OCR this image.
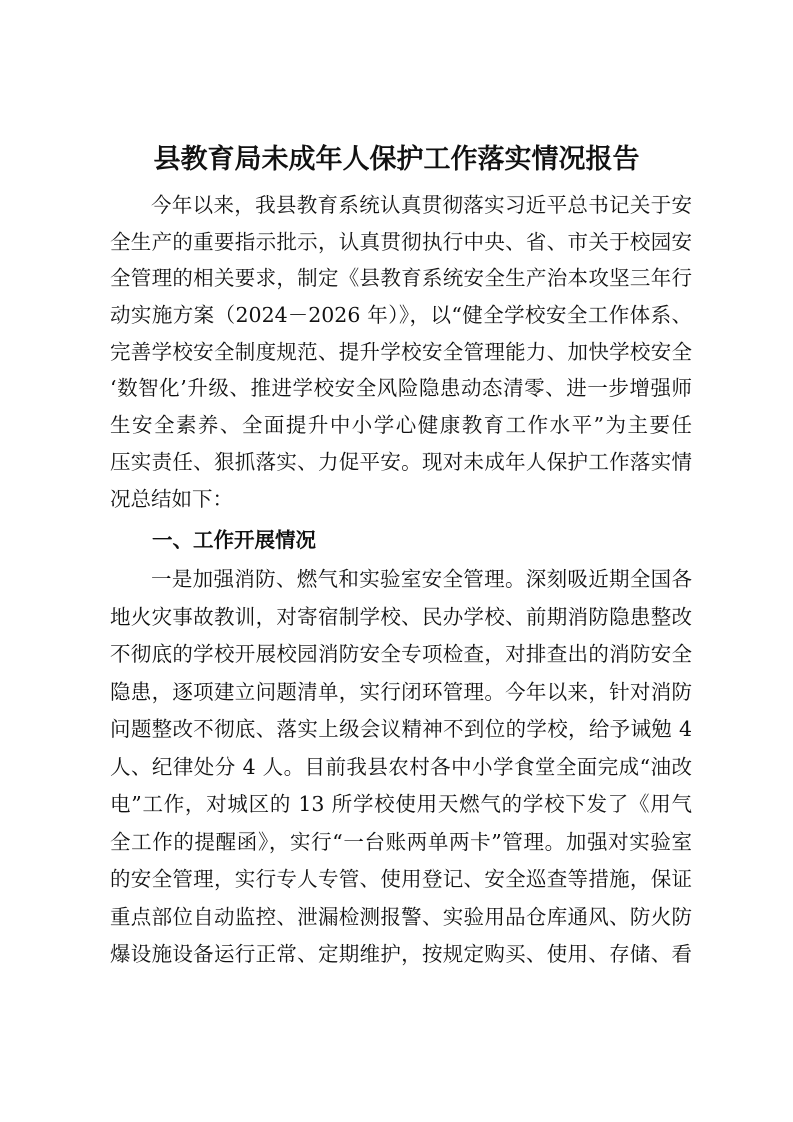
县教育局未成年人保护工作落实情况报告
今年以来，我县教育系统认真贯彻落实习近平总书记关于安
全生产的重要指示批示，认真贯彻执行中央、省、市关于校园安
全管理的相关要求，制定《县教育系统安全生产治本攻坚三年行
动实施方案（2024－2026 年）》，以“健全学校安全工作体系、
完善学校安全制度规范、提升学校安全管理能力、加快学校安全
‘数智化’升级、推进学校安全风险隐患动态清零、进一步增强师
生安全素养、全面提升中小学心健康教育工作水平”为主要任
压实责任、狠抓落实、力促平安。现对未成年人保护工作落实情
况总结如下：
一、工作开展情况
一是加强消防、燃气和实验室安全管理。深刻吸近期全国各
地火灾事故教训，对寄宿制学校、民办学校、前期消防隐患整改
不彻底的学校开展校园消防安全专项检查，对排查出的消防安全
隐患，逐项建立问题清单，实行闭环管理。今年以来，针对消防
问题整改不彻底、落实上级会议精神不到位的学校，给予诫勉 4
人、纪律处分 4 人。目前我县农村各中小学食堂全面完成“油改
电”工作，对城区的 13 所学校使用天燃气的学校下发了《用气
全工作的提醒函》，实行“一台账两单两卡”管理。加强对实验室
的安全管理，实行专人专管、使用登记、安全巡查等措施，保证
重点部位自动监控、泄漏检测报警、实验用品仓库通风、防火防
爆设施设备运行正常、定期维护，按规定购买、使用、存储、看
